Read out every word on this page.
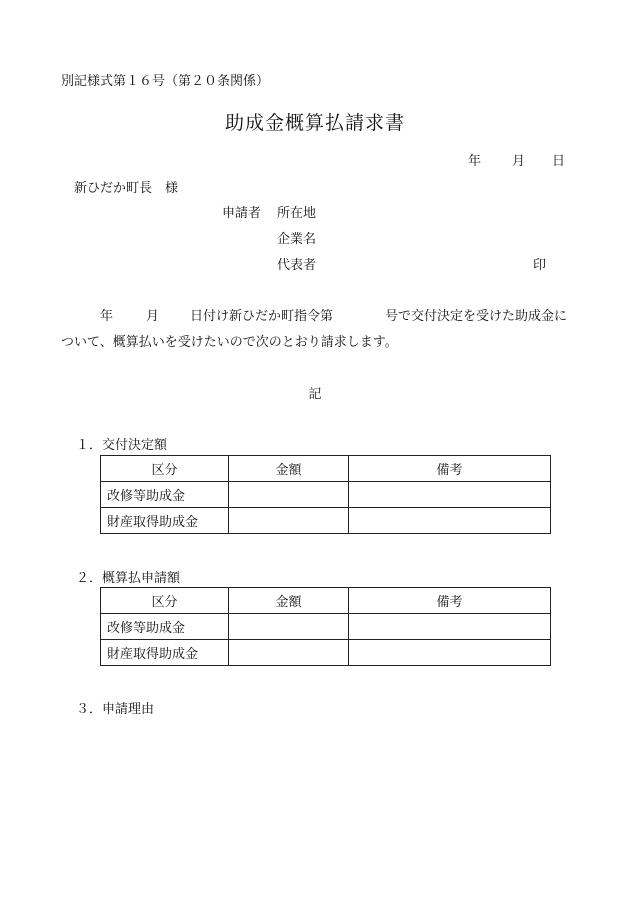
別記様式第１６号（第２０条関係）
助成金概算払請求書
年 月 日
新ひだか町長　様
申請者 所在地
企業名
代表者	印
年	月 日付け新ひだか町指令第	号で交付決定を受けた助成金に
ついて、概算払いを受けたいので次のとおり請求します。
記
１．交付決定額
区分	金額	備考
改修等助成金		
財産取得助成金		
２．概算払申請額
区分	金額	備考
改修等助成金		
財産取得助成金		
３．申請理由
